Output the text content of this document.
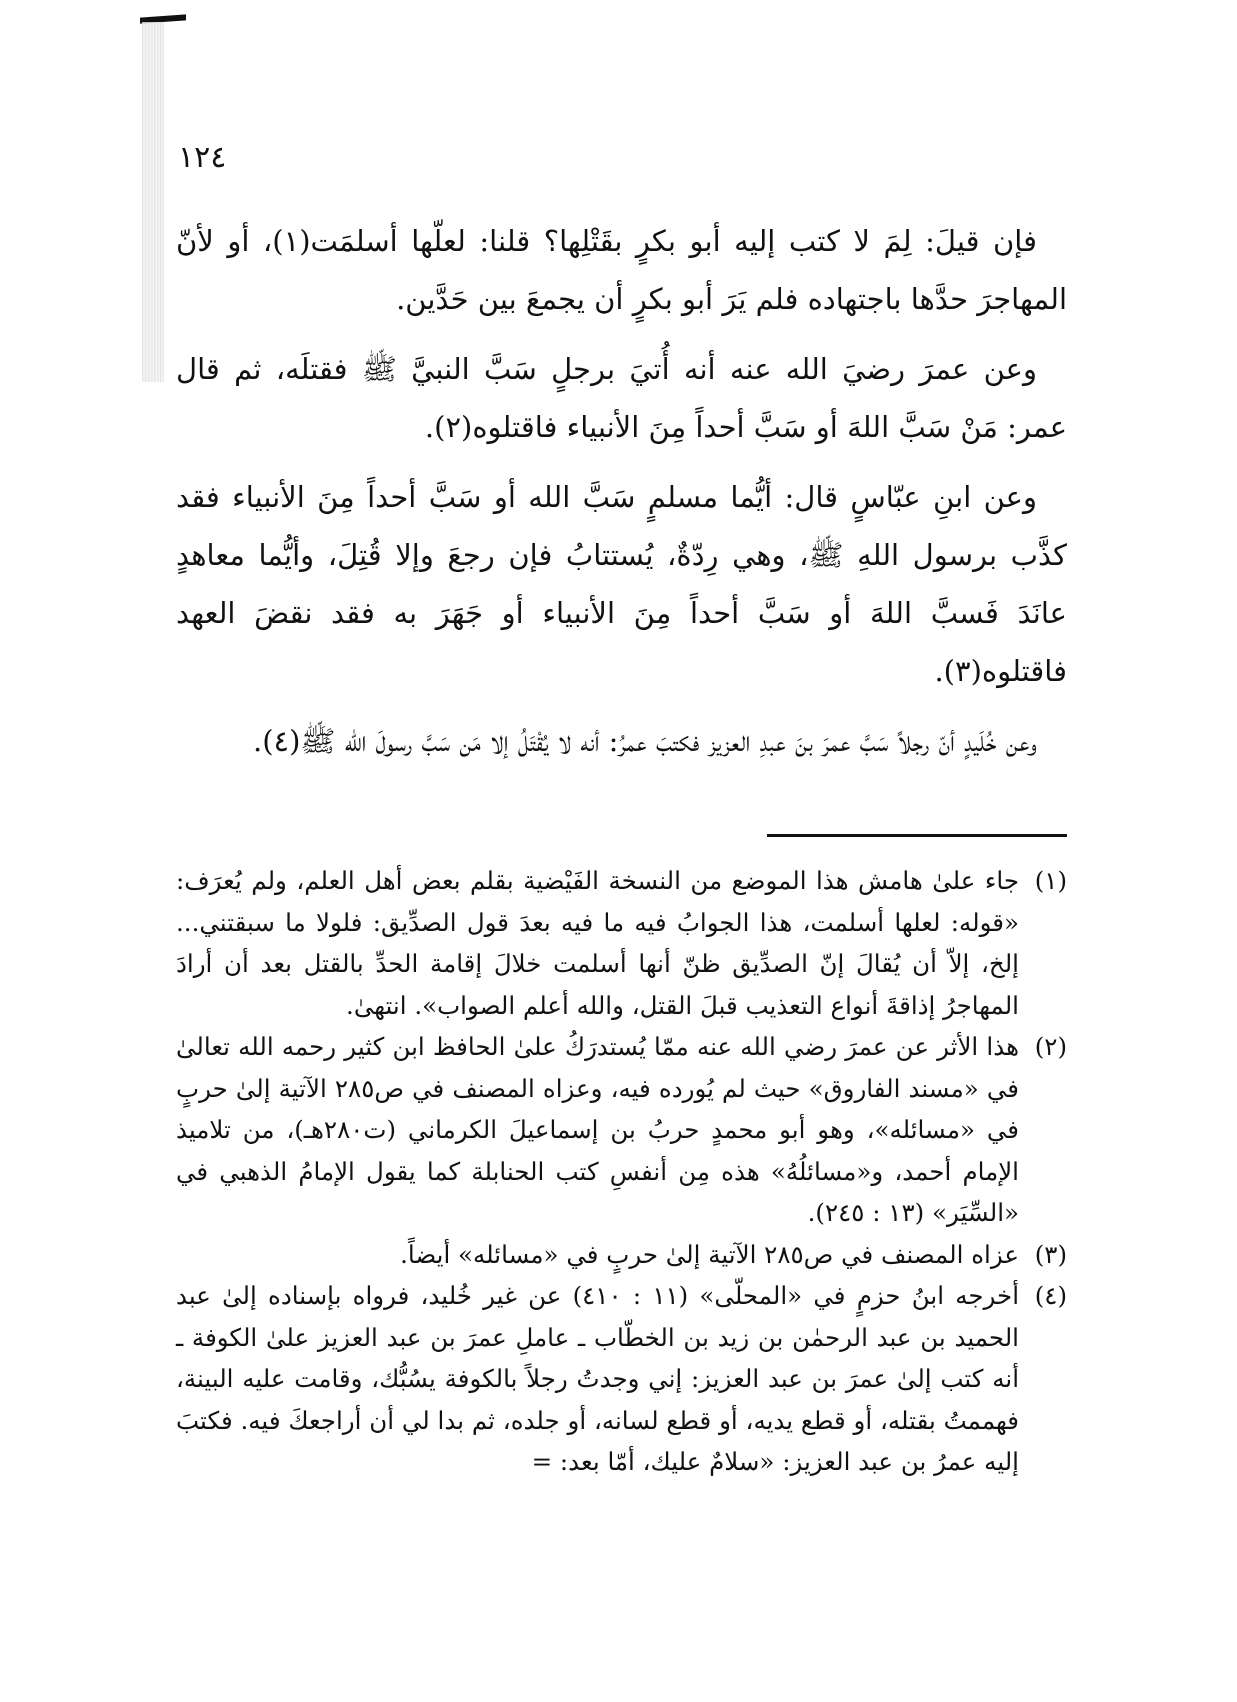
١٢٤

فإن قيلَ: لِمَ لا كتب إليه أبو بكرٍ بقَتْلِها؟ قلنا: لعلّها أسلمَت(١)، أو لأنّ المهاجرَ حدَّها باجتهاده فلم يَرَ أبو بكرٍ أن يجمعَ بين حَدَّين.

وعن عمرَ رضيَ الله عنه أنه أُتيَ برجلٍ سَبَّ النبيَّ ﷺ فقتلَه، ثم قال عمر: مَنْ سَبَّ اللهَ أو سَبَّ أحداً مِنَ الأنبياء فاقتلوه(٢).

وعن ابنِ عبّاسٍ قال: أيُّما مسلمٍ سَبَّ الله أو سَبَّ أحداً مِنَ الأنبياء فقد كذَّب برسول اللهِ ﷺ، وهي رِدّةٌ، يُستتابُ فإن رجعَ وإلا قُتِلَ، وأيُّما معاهدٍ عانَدَ فَسبَّ اللهَ أو سَبَّ أحداً مِنَ الأنبياء أو جَهَرَ به فقد نقضَ العهد فاقتلوه(٣).

وعن خُلَيدٍ أنّ رجلاً سَبَّ عمرَ بنَ عبدِ العزيز فكتبَ عمرُ: أنه لا يُقْتَلُ إلا مَن سَبَّ رسولَ الله ﷺ(٤).

(١)
جاء علىٰ هامش هذا الموضع من النسخة الفَيْضية بقلم بعض أهل العلم، ولم يُعرَف: «قوله: لعلها أسلمت، هذا الجوابُ فيه ما فيه بعدَ قول الصدِّيق: فلولا ما سبقتني... إلخ، إلاّ أن يُقالَ إنّ الصدِّيق ظنّ أنها أسلمت خلالَ إقامة الحدِّ بالقتل بعد أن أرادَ المهاجرُ إذاقةَ أنواع التعذيب قبلَ القتل، والله أعلم الصواب». انتهىٰ.
(٢)
هذا الأثر عن عمرَ رضي الله عنه ممّا يُستدرَكُ علىٰ الحافظ ابن كثير رحمه الله تعالىٰ في «مسند الفاروق» حيث لم يُورده فيه، وعزاه المصنف في ص٢٨٥ الآتية إلىٰ حربٍ في «مسائله»، وهو أبو محمدٍ حربُ بن إسماعيلَ الكرماني (ت٢٨٠هـ)، من تلاميذ الإمام أحمد، و«مسائلُهُ» هذه مِن أنفسِ كتب الحنابلة كما يقول الإمامُ الذهبي في «السِّيَر» (١٣ : ٢٤٥).
(٣)
عزاه المصنف في ص٢٨٥ الآتية إلىٰ حربٍ في «مسائله» أيضاً.
(٤)
أخرجه ابنُ حزمٍ في «المحلّى» (١١ : ٤١٠) عن غير خُليد، فرواه بإسناده إلىٰ عبد الحميد بن عبد الرحمٰن بن زيد بن الخطّاب ـ عاملِ عمرَ بن عبد العزيز علىٰ الكوفة ـ أنه كتب إلىٰ عمرَ بن عبد العزيز: إني وجدتُ رجلاً بالكوفة يسُبُّك، وقامت عليه البينة، فهممتُ بقتله، أو قطع يديه، أو قطع لسانه، أو جلده، ثم بدا لي أن أراجعكَ فيه. فكتبَ إليه عمرُ بن عبد العزيز: «سلامٌ عليك، أمّا بعد: =
